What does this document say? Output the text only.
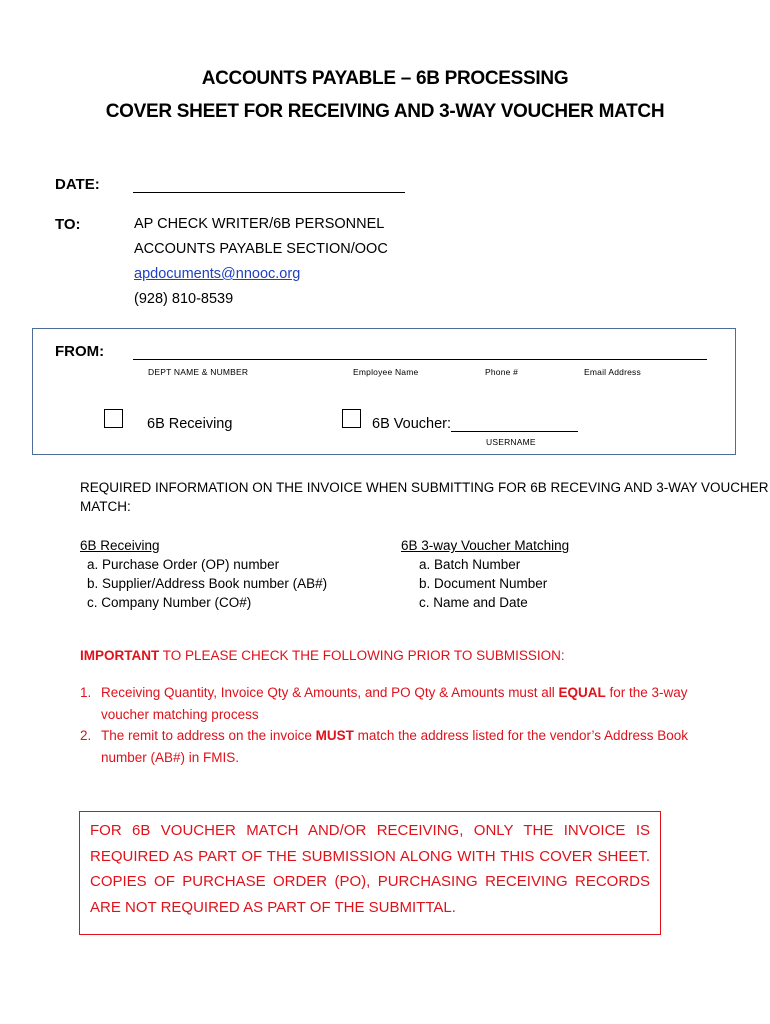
ACCOUNTS PAYABLE – 6B PROCESSING
COVER SHEET FOR RECEIVING AND 3-WAY VOUCHER MATCH
DATE:
TO:	AP CHECK WRITER/6B PERSONNEL
ACCOUNTS PAYABLE SECTION/OOC
apdocuments@nnooc.org
(928) 810-8539
FROM:
DEPT NAME & NUMBER	Employee Name	Phone #	Email Address
6B Receiving	6B Voucher:
USERNAME
REQUIRED INFORMATION ON THE INVOICE WHEN SUBMITTING FOR 6B RECEVING AND 3-WAY VOUCHER
MATCH:
6B Receiving
a. Purchase Order (OP) number
b. Supplier/Address Book number (AB#)
c. Company Number (CO#)
6B 3-way Voucher Matching
a. Batch Number
b. Document Number
c. Name and Date
IMPORTANT TO PLEASE CHECK THE FOLLOWING PRIOR TO SUBMISSION:
1. Receiving Quantity, Invoice Qty & Amounts, and PO Qty & Amounts must all EQUAL for the 3-way
voucher matching process
2. The remit to address on the invoice MUST match the address listed for the vendor’s Address Book
number (AB#) in FMIS.
FOR 6B VOUCHER MATCH AND/OR RECEIVING, ONLY THE INVOICE IS REQUIRED AS PART OF THE SUBMISSION ALONG WITH THIS COVER SHEET. COPIES OF PURCHASE ORDER (PO), PURCHASING RECEIVING RECORDS ARE NOT REQUIRED AS PART OF THE SUBMITTAL.
